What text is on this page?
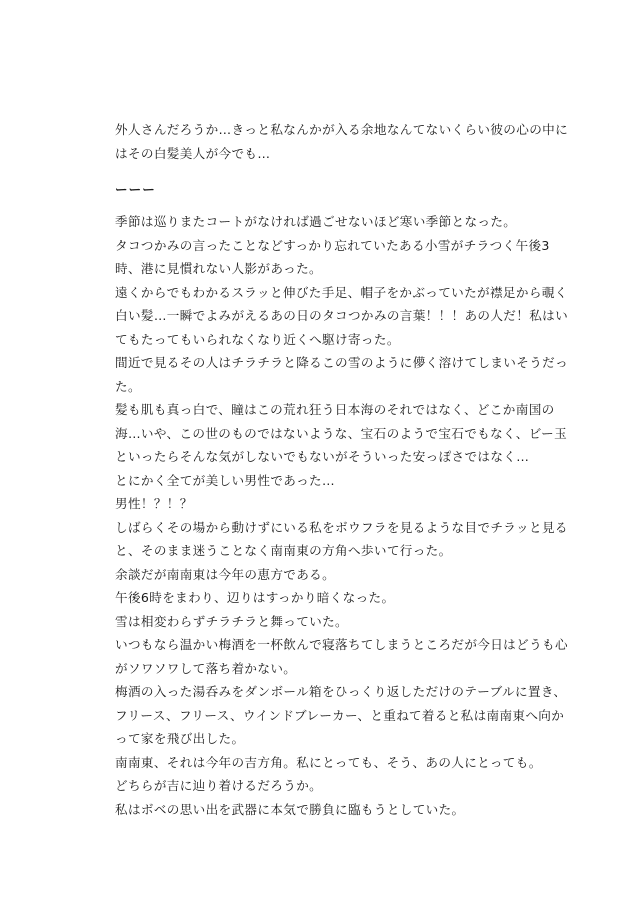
外人さんだろうか…きっと私なんかが入る余地なんてないくらい彼の心の中に
はその白髪美人が今でも…
ーーー
季節は巡りまたコートがなければ過ごせないほど寒い季節となった。
タコつかみの言ったことなどすっかり忘れていたある小雪がチラつく午後3
時、港に見慣れない人影があった。
遠くからでもわかるスラッと伸びた手足、帽子をかぶっていたが襟足から覗く
白い髪…一瞬でよみがえるあの日のタコつかみの言葉！！！あの人だ！私はい
てもたってもいられなくなり近くへ駆け寄った。
間近で見るその人はチラチラと降るこの雪のように儚く溶けてしまいそうだっ
た。
髪も肌も真っ白で、瞳はこの荒れ狂う日本海のそれではなく、どこか南国の
海…いや、この世のものではないような、宝石のようで宝石でもなく、ビー玉
といったらそんな気がしないでもないがそういった安っぽさではなく…
とにかく全てが美しい男性であった…
男性！？！？
しばらくその場から動けずにいる私をボウフラを見るような目でチラッと見る
と、そのまま迷うことなく南南東の方角へ歩いて行った。
余談だが南南東は今年の恵方である。
午後6時をまわり、辺りはすっかり暗くなった。
雪は相変わらずチラチラと舞っていた。
いつもなら温かい梅酒を一杯飲んで寝落ちてしまうところだが今日はどうも心
がソワソワして落ち着かない。
梅酒の入った湯呑みをダンボール箱をひっくり返しただけのテーブルに置き、
フリース、フリース、ウインドブレーカー、と重ねて着ると私は南南東へ向か
って家を飛び出した。
南南東、それは今年の吉方角。私にとっても、そう、あの人にとっても。
どちらが吉に辿り着けるだろうか。
私はボベの思い出を武器に本気で勝負に臨もうとしていた。
